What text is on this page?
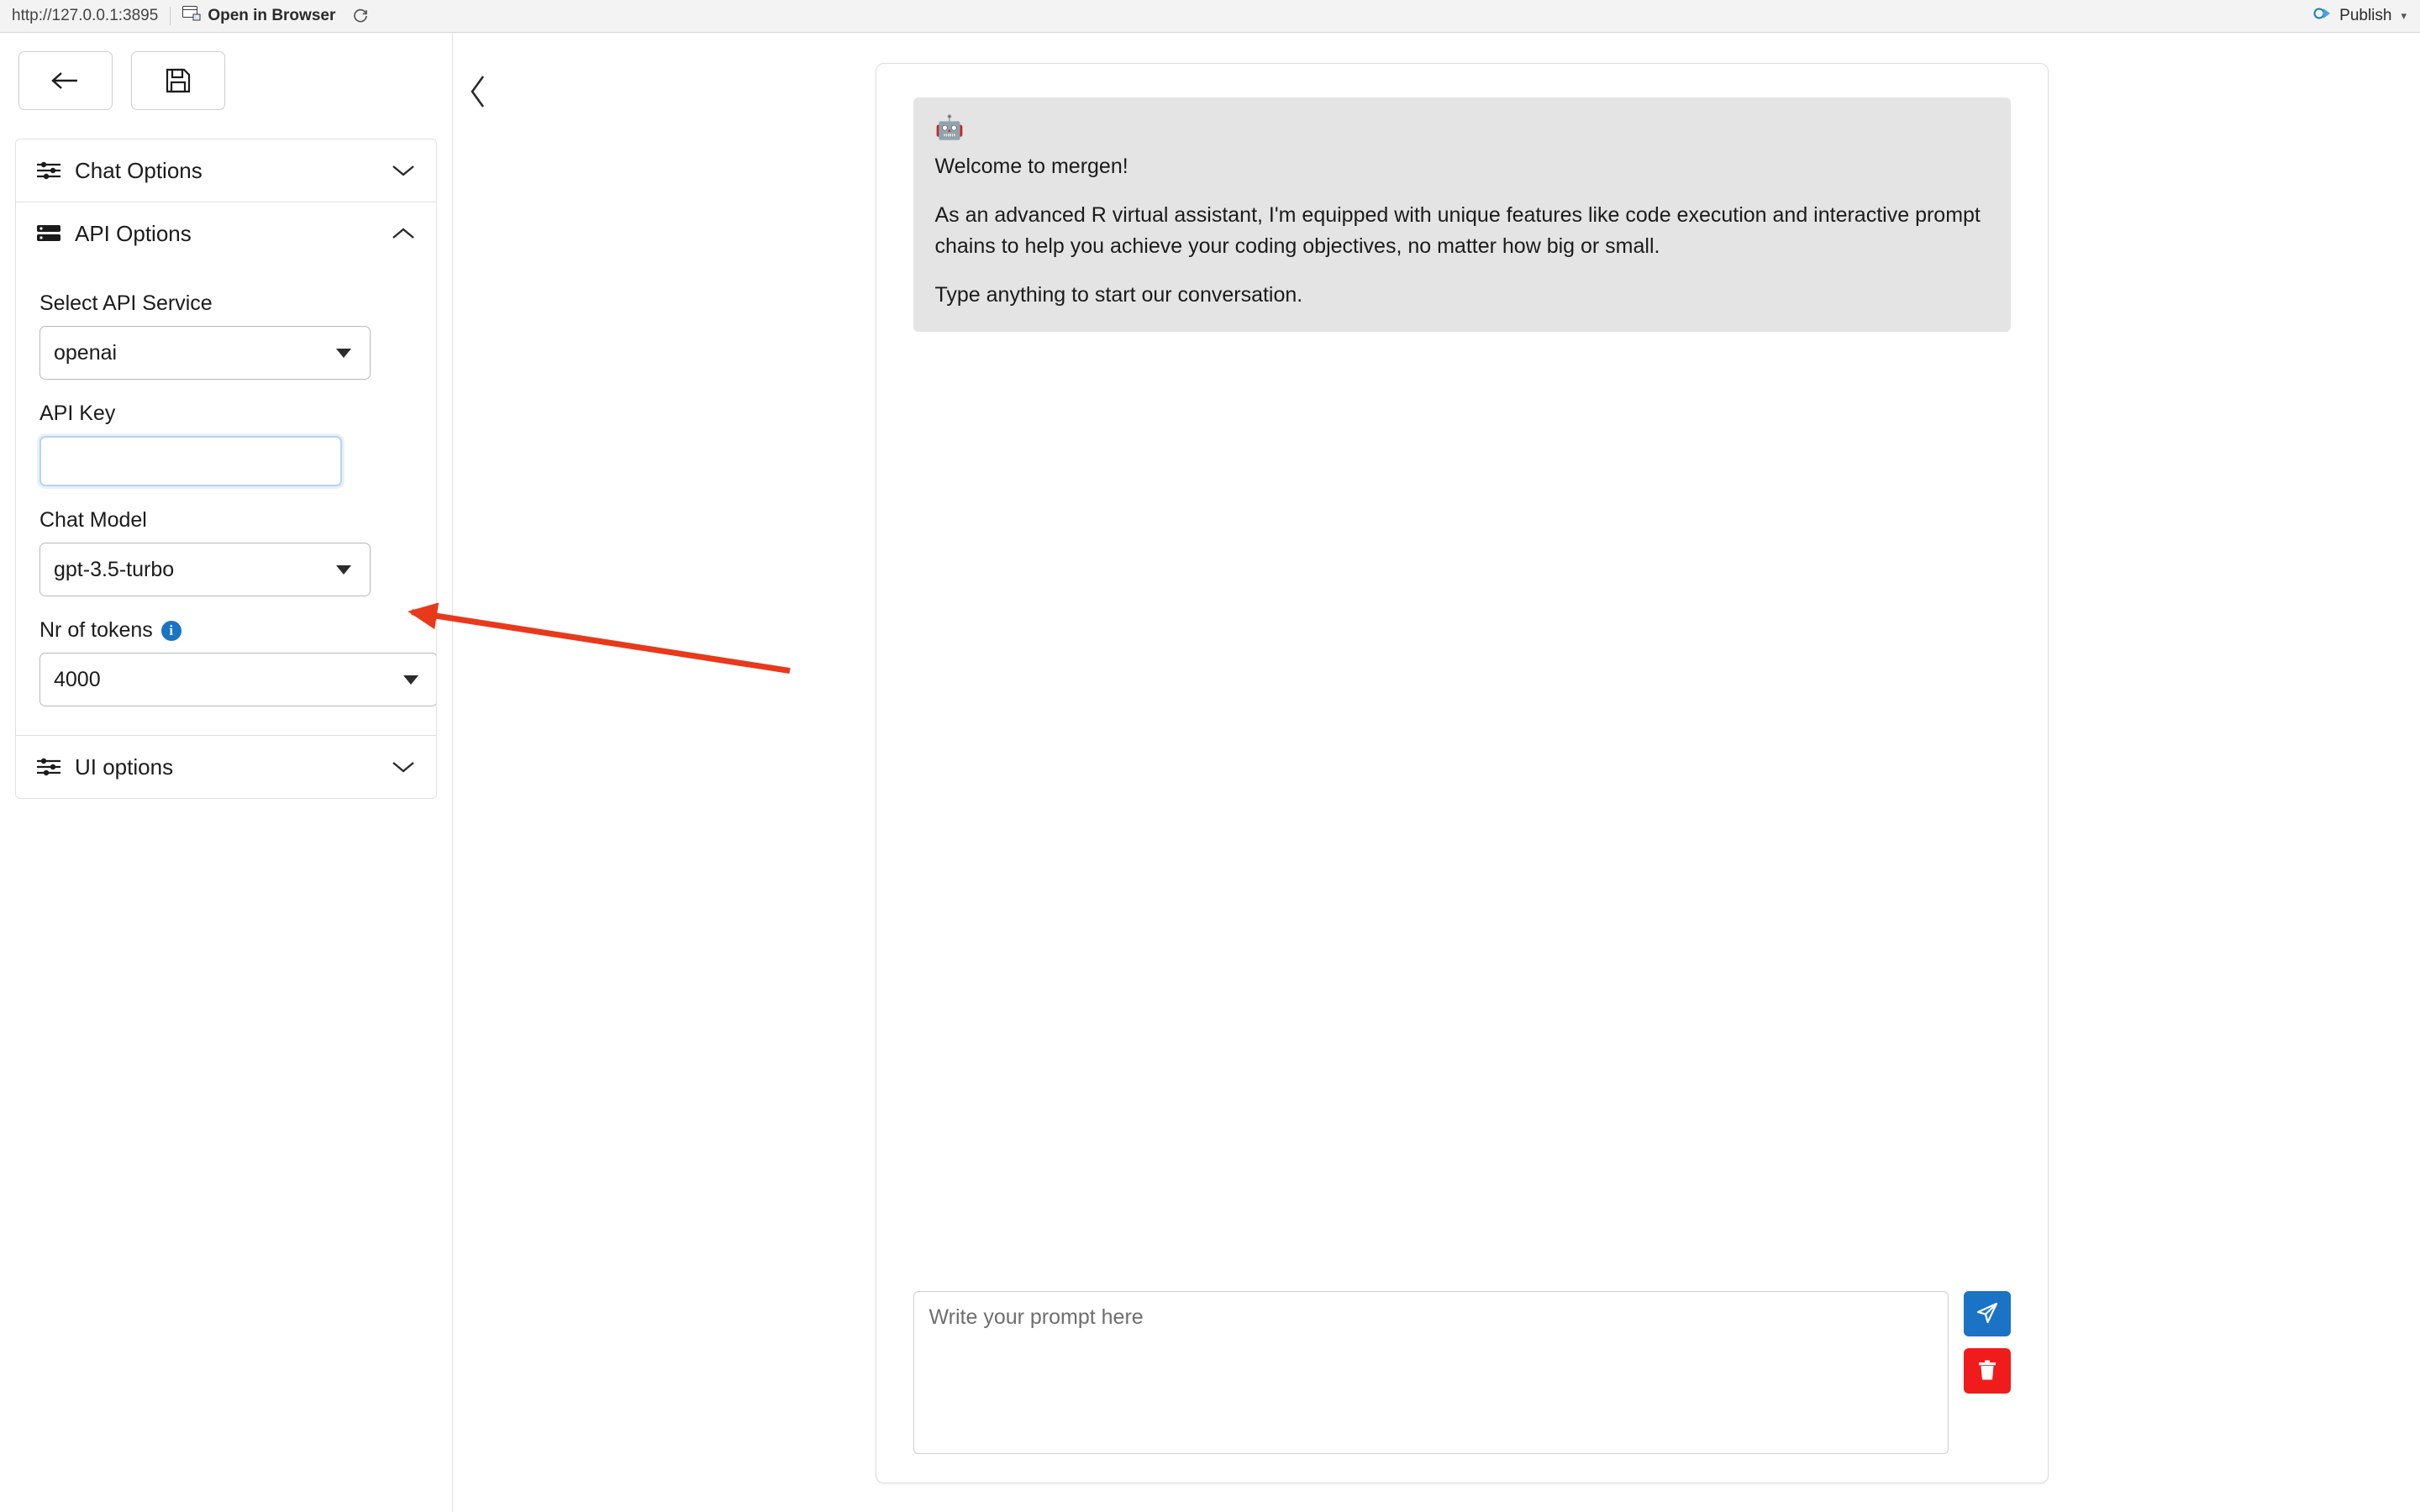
http://127.0.0.1:3895	Open in Browser	Publish ▾
Chat Options
API Options
Select API Service
openai
API Key
Chat Model
gpt-3.5-turbo
Nr of tokens	i
4000
UI options
🤖

Welcome to mergen!

As an advanced R virtual assistant, I'm equipped with unique features like code execution and interactive prompt chains to help you achieve your coding objectives, no matter how big or small.

Type anything to start our conversation.

Write your prompt here
